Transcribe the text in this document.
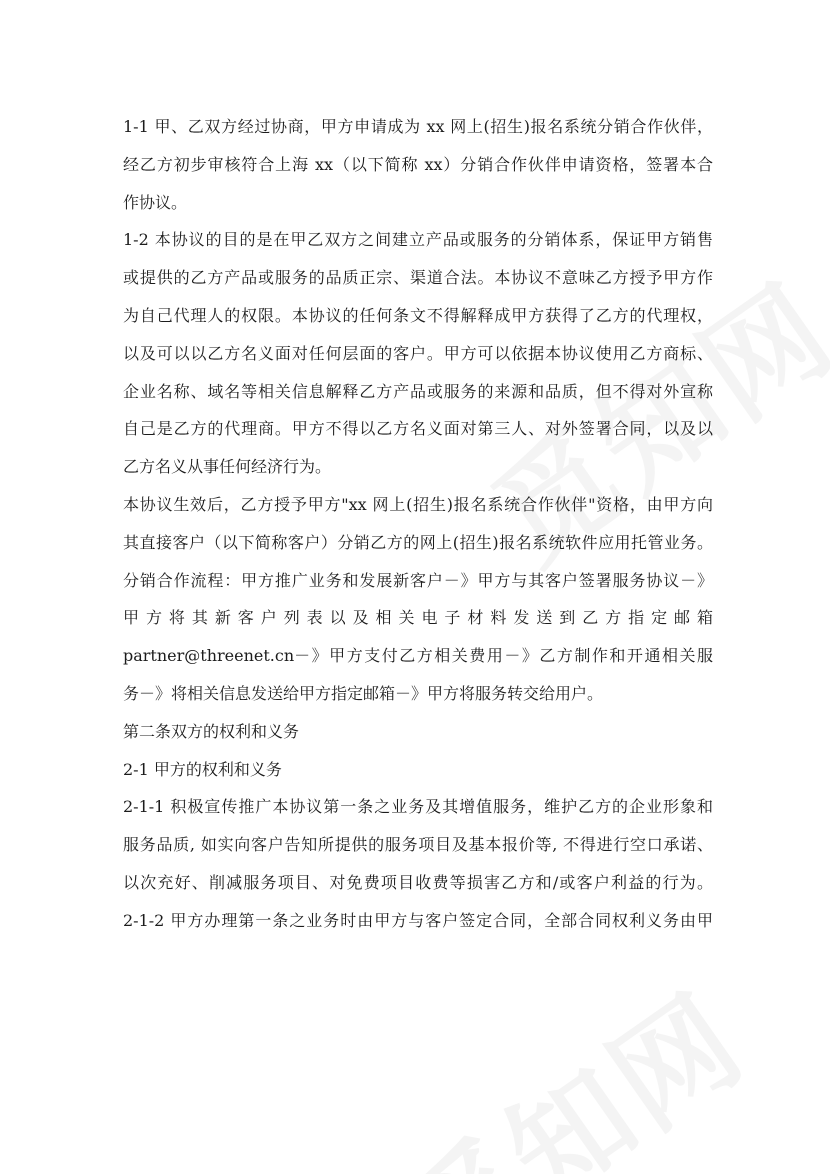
1-1 甲、乙双方经过协商，甲方申请成为 xx 网上(招生)报名系统分销合作伙伴，
经乙方初步审核符合上海 xx（以下简称 xx）分销合作伙伴申请资格，签署本合
作协议。
1-2 本协议的目的是在甲乙双方之间建立产品或服务的分销体系，保证甲方销售
或提供的乙方产品或服务的品质正宗、渠道合法。本协议不意味乙方授予甲方作
为自己代理人的权限。本协议的任何条文不得解释成甲方获得了乙方的代理权，
以及可以以乙方名义面对任何层面的客户。甲方可以依据本协议使用乙方商标、
企业名称、域名等相关信息解释乙方产品或服务的来源和品质，但不得对外宣称
自己是乙方的代理商。甲方不得以乙方名义面对第三人、对外签署合同，以及以
乙方名义从事任何经济行为。
本协议生效后，乙方授予甲方"xx 网上(招生)报名系统合作伙伴"资格，由甲方向
其直接客户（以下简称客户）分销乙方的网上(招生)报名系统软件应用托管业务。
分销合作流程：甲方推广业务和发展新客户－》甲方与其客户签署服务协议－》
甲 方 将 其 新 客 户 列 表 以 及 相 关 电 子 材 料 发 送 到 乙 方 指 定 邮 箱
partner@threenet.cn－》甲方支付乙方相关费用－》乙方制作和开通相关服
务－》将相关信息发送给甲方指定邮箱－》甲方将服务转交给用户。
第二条双方的权利和义务
2-1 甲方的权利和义务
2-1-1 积极宣传推广本协议第一条之业务及其增值服务，维护乙方的企业形象和
服务品质, 如实向客户告知所提供的服务项目及基本报价等, 不得进行空口承诺、
以次充好、削减服务项目、对免费项目收费等损害乙方和/或客户利益的行为。
2-1-2 甲方办理第一条之业务时由甲方与客户签定合同，全部合同权利义务由甲
